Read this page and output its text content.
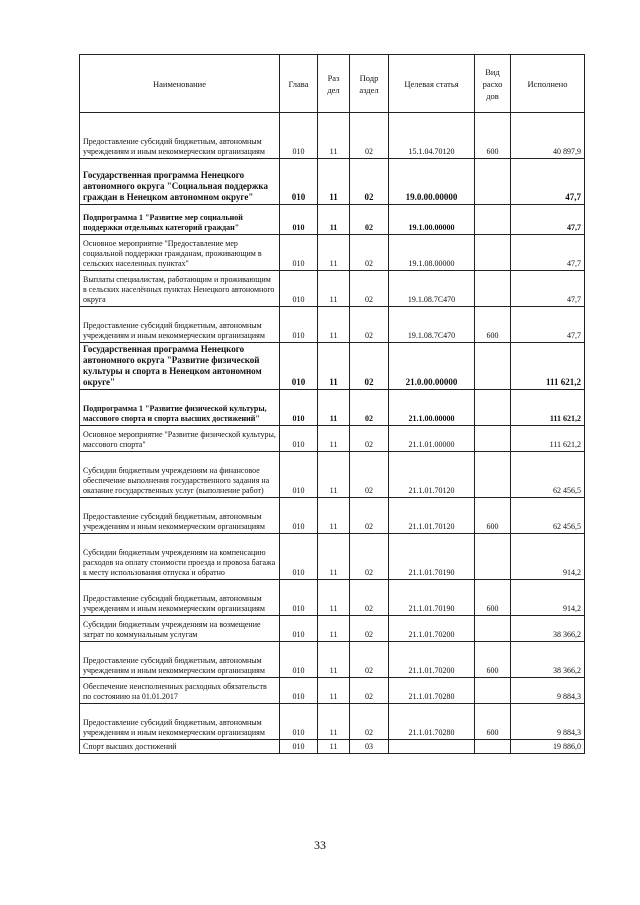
Наименование	Глава	Раз дел	Подр аздел	Целевая статья	Вид расхо дов	Исполнено
Предоставление субсидий бюджетным, автономным учреждениям и иным некоммерческим организациям	010	11	02	15.1.04.70120	600	40 897,9
Государственная программа Ненецкого автономного округа "Социальная поддержка граждан в Ненецком автономном округе"	010	11	02	19.0.00.00000		47,7
Подпрограмма 1 "Развитие мер социальной поддержки отдельных категорий граждан"	010	11	02	19.1.00.00000		47,7
Основное мероприятие "Предоставление мер социальной поддержки гражданам, проживающим в сельских населенных пунктах"	010	11	02	19.1.08.00000		47,7
Выплаты специалистам, работающим и проживающим в сельских населённых пунктах Ненецкого автономного округа	010	11	02	19.1.08.7С470		47,7
Предоставление субсидий бюджетным, автономным учреждениям и иным некоммерческим организациям	010	11	02	19.1.08.7С470	600	47,7
Государственная программа Ненецкого автономного округа "Развитие физической культуры и спорта в Ненецком автономном округе"	010	11	02	21.0.00.00000		111 621,2
Подпрограмма 1 "Развитие физической культуры, массового спорта и спорта высших достижений"	010	11	02	21.1.00.00000		111 621,2
Основное мероприятие "Развитие физической культуры, массового спорта"	010	11	02	21.1.01.00000		111 621,2
Субсидии бюджетным учреждениям на финансовое обеспечение выполнения государственного задания на оказание государственных услуг (выполнение работ)	010	11	02	21.1.01.70120		62 456,5
Предоставление субсидий бюджетным, автономным учреждениям и иным некоммерческим организациям	010	11	02	21.1.01.70120	600	62 456,5
Субсидии бюджетным учреждениям на компенсацию расходов на оплату стоимости проезда и провоза багажа к месту использования отпуска и обратно	010	11	02	21.1.01.70190		914,2
Предоставление субсидий бюджетным, автономным учреждениям и иным некоммерческим организациям	010	11	02	21.1.01.70190	600	914,2
Субсидии бюджетным учреждениям на возмещение затрат по коммунальным услугам	010	11	02	21.1.01.70200		38 366,2
Предоставление субсидий бюджетным, автономным учреждениям и иным некоммерческим организациям	010	11	02	21.1.01.70200	600	38 366,2
Обеспечение неисполненных расходных обязательств по состоянию на 01.01.2017	010	11	02	21.1.01.70280		9 884,3
Предоставление субсидий бюджетным, автономным учреждениям и иным некоммерческим организациям	010	11	02	21.1.01.70280	600	9 884,3
Спорт высших достижений	010	11	03			19 886,0
33
